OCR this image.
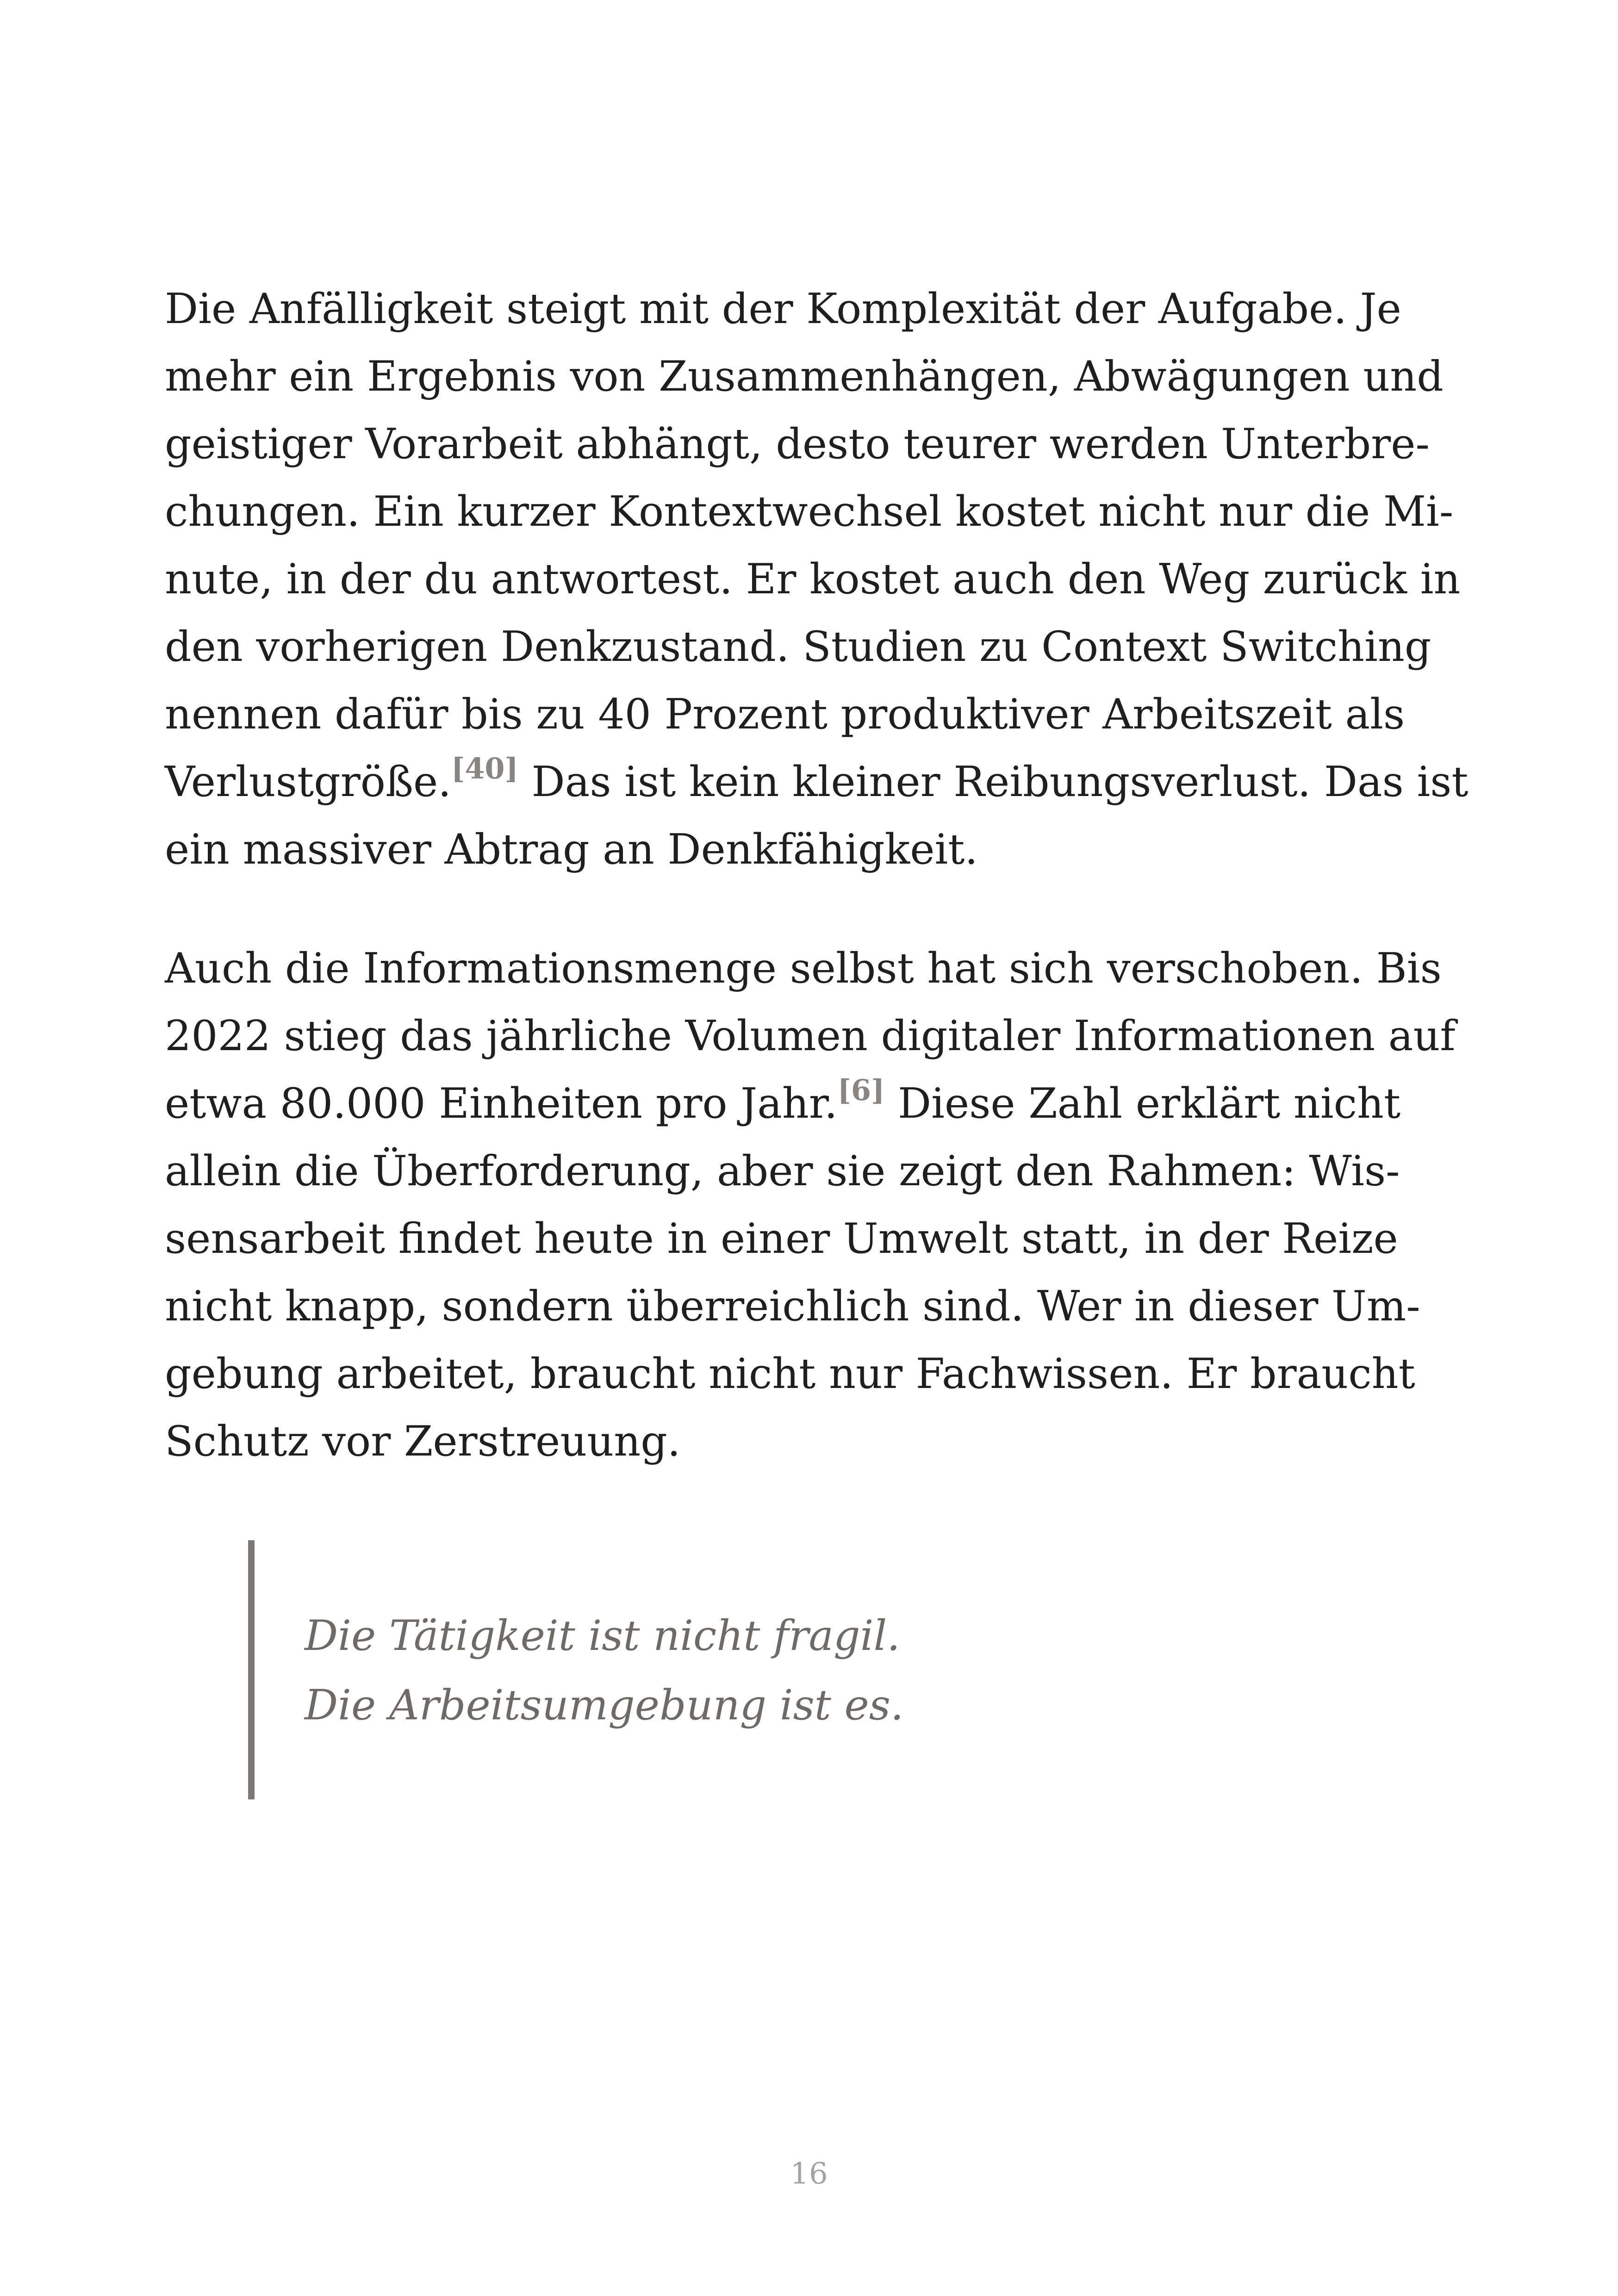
Die Anfälligkeit steigt mit der Komplexität der Aufgabe. Je
mehr ein Ergebnis von Zusammenhängen, Abwägungen und
geistiger Vorarbeit abhängt, desto teurer werden Unterbre-
chungen. Ein kurzer Kontextwechsel kostet nicht nur die Mi-
nute, in der du antwortest. Er kostet auch den Weg zurück in
den vorherigen Denkzustand. Studien zu Context Switching
nennen dafür bis zu 40 Prozent produktiver Arbeitszeit als
Verlustgröße.[40] Das ist kein kleiner Reibungsverlust. Das ist
ein massiver Abtrag an Denkfähigkeit.
Auch die Informationsmenge selbst hat sich verschoben. Bis
2022 stieg das jährliche Volumen digitaler Informationen auf
etwa 80.000 Einheiten pro Jahr.[6] Diese Zahl erklärt nicht
allein die Überforderung, aber sie zeigt den Rahmen: Wis-
sensarbeit findet heute in einer Umwelt statt, in der Reize
nicht knapp, sondern überreichlich sind. Wer in dieser Um-
gebung arbeitet, braucht nicht nur Fachwissen. Er braucht
Schutz vor Zerstreuung.
Die Tätigkeit ist nicht fragil.
Die Arbeitsumgebung ist es.
16
